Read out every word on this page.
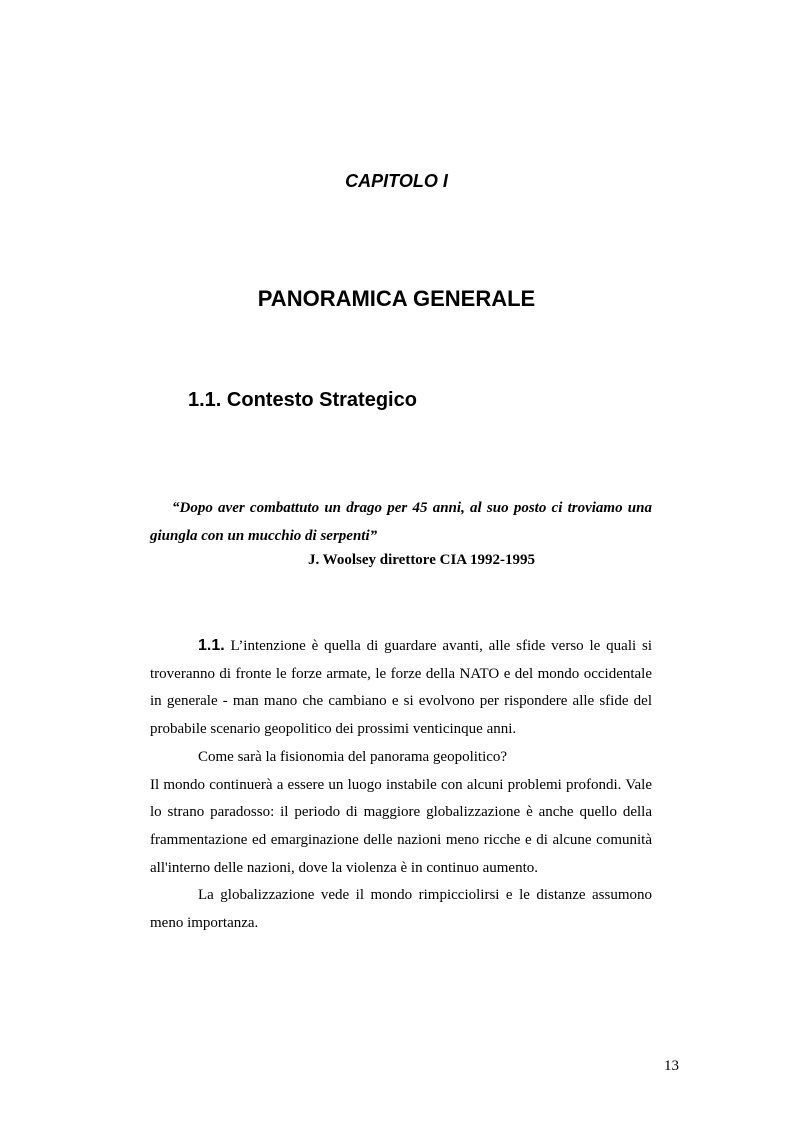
CAPITOLO I
PANORAMICA GENERALE
1.1. Contesto Strategico

“Dopo aver combattuto un drago per 45 anni, al suo posto ci troviamo una giungla con un mucchio di serpenti”

J. Woolsey direttore CIA 1992-1995

1.1. L’intenzione è quella di guardare avanti, alle sfide verso le quali si troveranno di fronte le forze armate, le forze della NATO e del mondo occidentale in generale - man mano che cambiano e si evolvono per rispondere alle sfide del probabile scenario geopolitico dei prossimi venticinque anni.

Come sarà la fisionomia del panorama geopolitico?

Il mondo continuerà a essere un luogo instabile con alcuni problemi profondi. Vale lo strano paradosso: il periodo di maggiore globalizzazione è anche quello della frammentazione ed emarginazione delle nazioni meno ricche e di alcune comunità all'interno delle nazioni, dove la violenza è in continuo aumento.

La globalizzazione vede il mondo rimpicciolirsi e le distanze assumono meno importanza.

13
